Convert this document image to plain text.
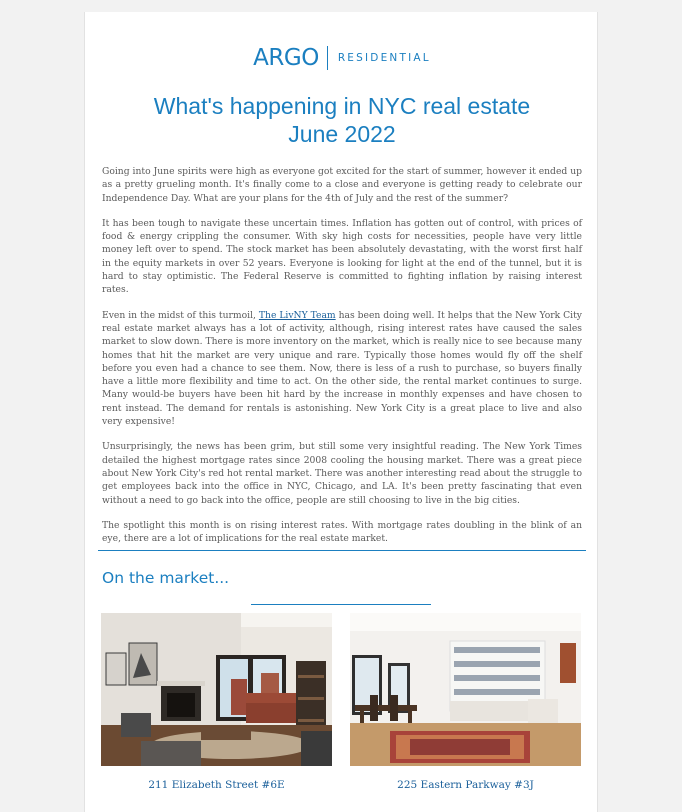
ARGO RESIDENTIAL
What's happening in NYC real estate
June 2022

Going into June spirits were high as everyone got excited for the start of summer, however it ended up as a pretty grueling month. It's finally come to a close and everyone is getting ready to celebrate our Independence Day. What are your plans for the 4th of July and the rest of the summer?

It has been tough to navigate these uncertain times. Inflation has gotten out of control, with prices of food & energy crippling the consumer. With sky high costs for necessities, people have very little money left over to spend. The stock market has been absolutely devastating, with the worst first half in the equity markets in over 52 years. Everyone is looking for light at the end of the tunnel, but it is hard to stay optimistic. The Federal Reserve is committed to fighting inflation by raising interest rates.

Even in the midst of this turmoil, The LivNY Team has been doing well. It helps that the New York City real estate market always has a lot of activity, although, rising interest rates have caused the sales market to slow down. There is more inventory on the market, which is really nice to see because many homes that hit the market are very unique and rare. Typically those homes would fly off the shelf before you even had a chance to see them. Now, there is less of a rush to purchase, so buyers finally have a little more flexibility and time to act. On the other side, the rental market continues to surge. Many would-be buyers have been hit hard by the increase in monthly expenses and have chosen to rent instead. The demand for rentals is astonishing. New York City is a great place to live and also very expensive!

Unsurprisingly, the news has been grim, but still some very insightful reading. The New York Times detailed the highest mortgage rates since 2008 cooling the housing market. There was a great piece about New York City's red hot rental market. There was another interesting read about the struggle to get employees back into the office in NYC, Chicago, and LA. It's been pretty fascinating that even without a need to go back into the office, people are still choosing to live in the big cities.

The spotlight this month is on rising interest rates. With mortgage rates doubling in the blink of an eye, there are a lot of implications for the real estate market.

On the market...
211 Elizabeth Street #6E	225 Eastern Parkway #3J
